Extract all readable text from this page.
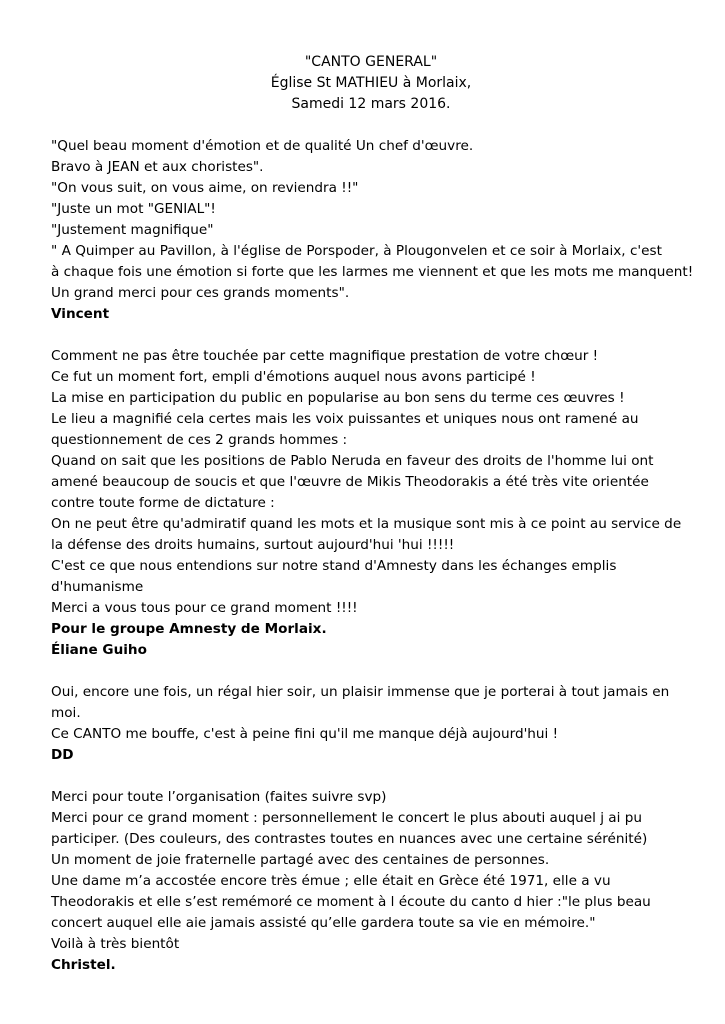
"CANTO GENERAL"
Église St MATHIEU à Morlaix,
Samedi 12 mars 2016.
"Quel beau moment d'émotion et de qualité Un chef d'œuvre.
Bravo à JEAN et aux choristes".
"On vous suit, on vous aime, on reviendra !!"
"Juste un mot "GENIAL"!
"Justement magnifique"
" A Quimper au Pavillon, à l'église de Porspoder, à Plougonvelen et ce soir à Morlaix, c'est
à chaque fois une émotion si forte que les larmes me viennent et que les mots me manquent!
Un grand merci pour ces grands moments".
Vincent
Comment ne pas être touchée par cette magnifique prestation de votre chœur !
Ce fut un moment fort, empli d'émotions auquel nous avons participé !
La mise en participation du public en popularise au bon sens du terme ces œuvres !
Le lieu a magnifié cela certes mais les voix puissantes et uniques nous ont ramené au
questionnement de ces 2 grands hommes :
Quand on sait que les positions de Pablo Neruda en faveur des droits de l'homme lui ont
amené beaucoup de soucis et que l'œuvre de Mikis Theodorakis a été très vite orientée
contre toute forme de dictature :
On ne peut être qu'admiratif quand les mots et la musique sont mis à ce point au service de
la défense des droits humains, surtout aujourd'hui 'hui !!!!!
C'est ce que nous entendions sur notre stand d'Amnesty dans les échanges emplis
d'humanisme
Merci a vous tous pour ce grand moment !!!!
Pour le groupe Amnesty de Morlaix.
Éliane Guiho
Oui, encore une fois, un régal hier soir, un plaisir immense que je porterai à tout jamais en
moi.
Ce CANTO me bouffe, c'est à peine fini qu'il me manque déjà aujourd'hui !
DD
Merci pour toute l’organisation (faites suivre svp)
Merci pour ce grand moment : personnellement le concert le plus abouti auquel j ai pu
participer. (Des couleurs, des contrastes toutes en nuances avec une certaine sérénité)
Un moment de joie fraternelle partagé avec des centaines de personnes.
Une dame m’a accostée encore très émue ; elle était en Grèce été 1971, elle a vu
Theodorakis et elle s’est remémoré ce moment à l écoute du canto d hier :"le plus beau
concert auquel elle aie jamais assisté qu’elle gardera toute sa vie en mémoire."
Voilà à très bientôt
Christel.
